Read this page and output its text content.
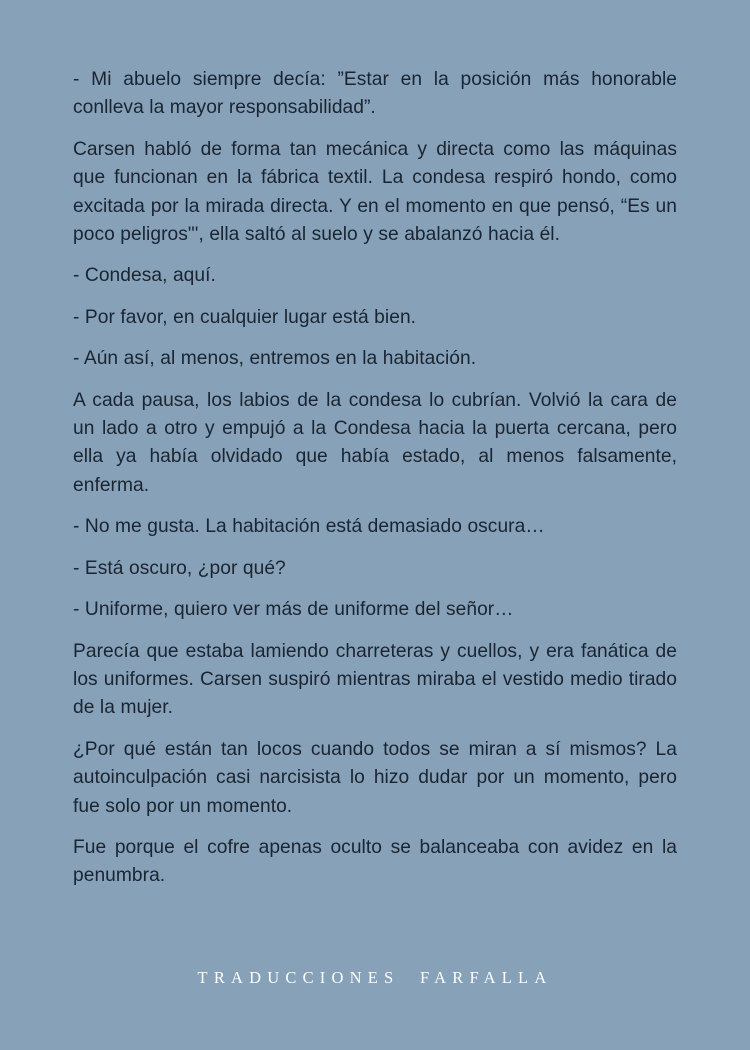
- Mi abuelo siempre decía: ”Estar en la posición más honorable conlleva la mayor responsabilidad”.

Carsen habló de forma tan mecánica y directa como las máquinas que funcionan en la fábrica textil. La condesa respiró hondo, como excitada por la mirada directa. Y en el momento en que pensó, “Es un poco peligros"', ella saltó al suelo y se abalanzó hacia él.

- Condesa, aquí.

- Por favor, en cualquier lugar está bien.

- Aún así, al menos, entremos en la habitación.

A cada pausa, los labios de la condesa lo cubrían. Volvió la cara de un lado a otro y empujó a la Condesa hacia la puerta cercana, pero ella ya había olvidado que había estado, al menos falsamente, enferma.

- No me gusta. La habitación está demasiado oscura…

- Está oscuro, ¿por qué?

- Uniforme, quiero ver más de uniforme del señor…

Parecía que estaba lamiendo charreteras y cuellos, y era fanática de los uniformes. Carsen suspiró mientras miraba el vestido medio tirado de la mujer.

¿Por qué están tan locos cuando todos se miran a sí mismos? La autoinculpación casi narcisista lo hizo dudar por un momento, pero fue solo por un momento.

Fue porque el cofre apenas oculto se balanceaba con avidez en la penumbra.

TRADUCCIONES  FARFALLA
